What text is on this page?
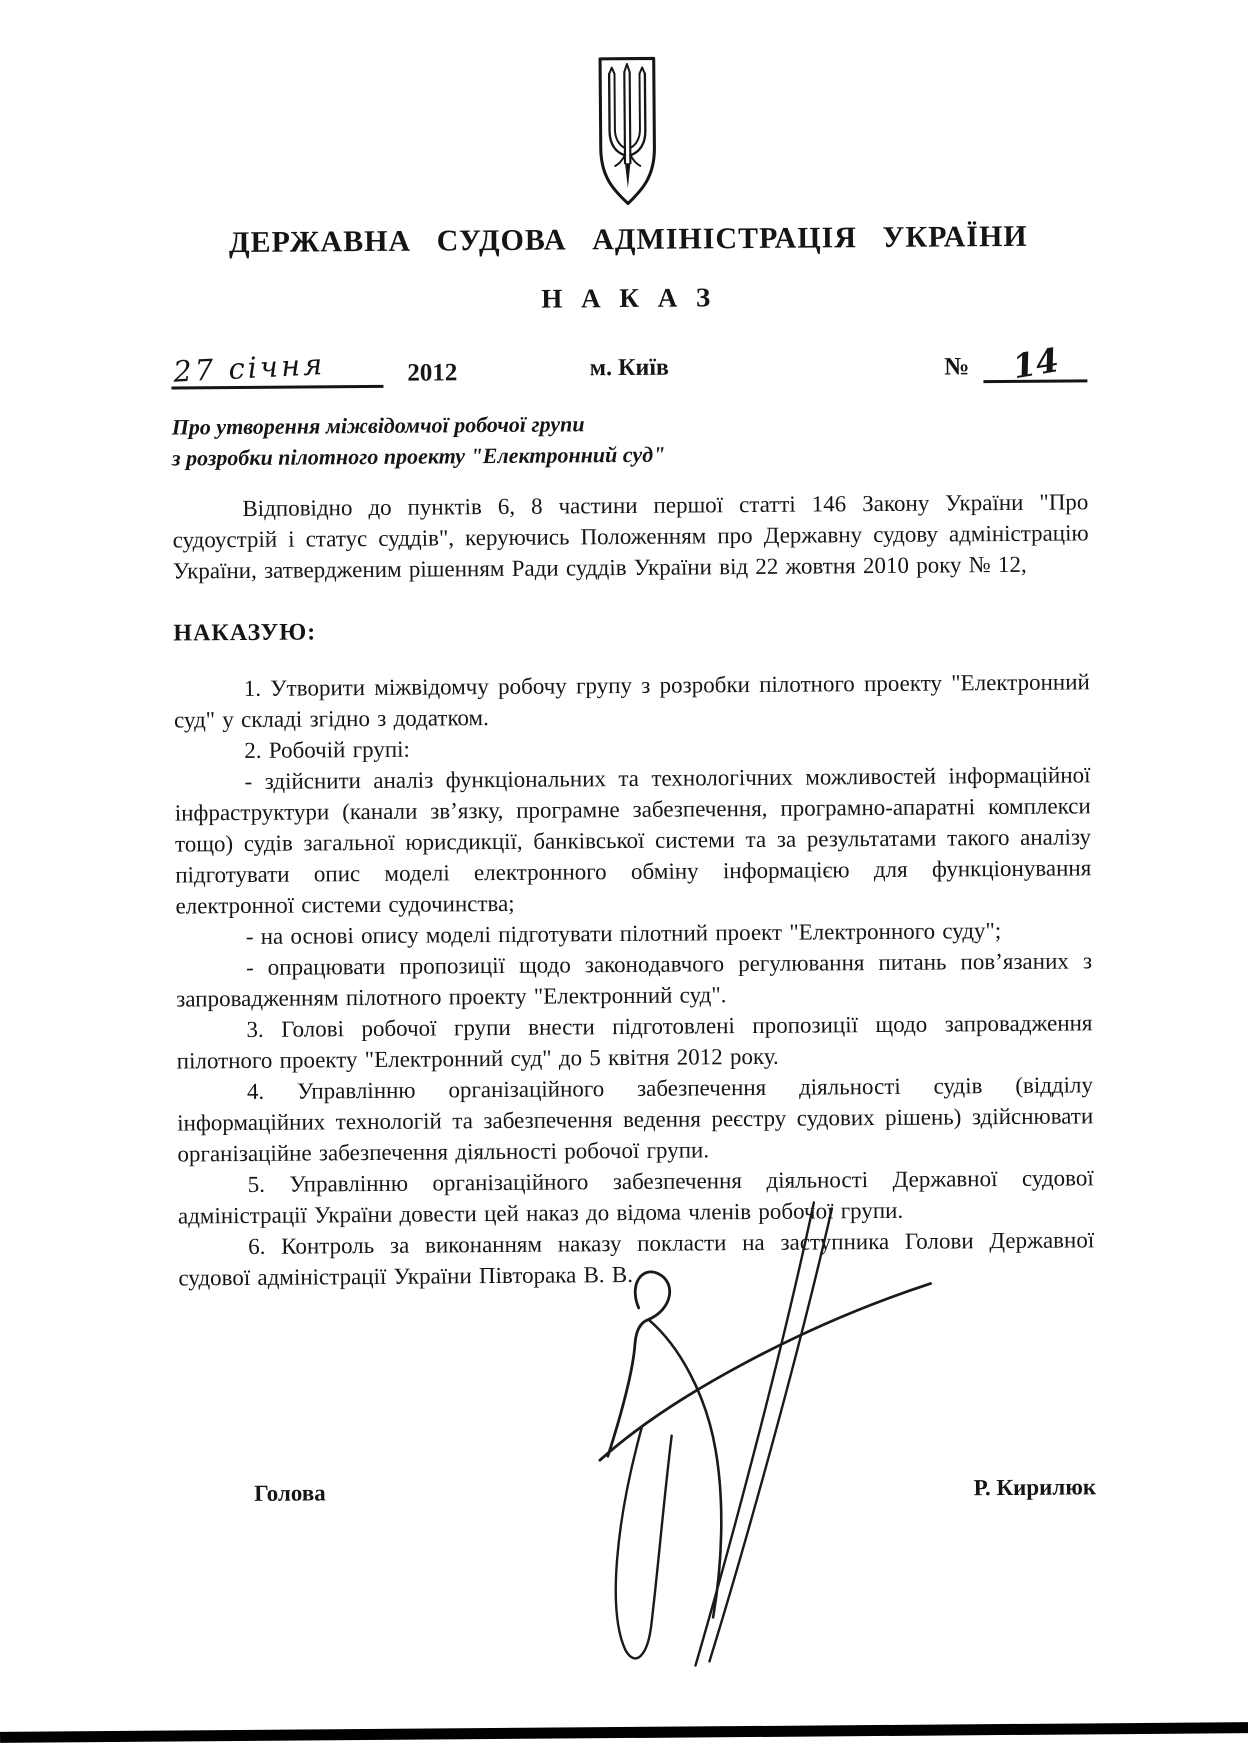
ДЕРЖАВНА СУДОВА АДМІНІСТРАЦІЯ УКРАЇНИ
Н А К А З
27 січня	2012	м. Київ	№	14
Про утворення міжвідомчої робочої групи
з розробки пілотного проекту "Електронний суд"

Відповідно до пунктів 6, 8 частини першої статті 146 Закону України "Про судоустрій і статус суддів", керуючись Положенням про Державну судову адміністрацію України, затвердженим рішенням Ради суддів України від 22 жовтня 2010 року № 12,

НАКАЗУЮ:

1. Утворити міжвідомчу робочу групу з розробки пілотного проекту "Електронний суд" у складі згідно з додатком.

2. Робочій групі:

- здійснити аналіз функціональних та технологічних можливостей інформаційної інфраструктури (канали зв’язку, програмне забезпечення, програмно-апаратні комплекси тощо) судів загальної юрисдикції, банківської системи та за результатами такого аналізу підготувати опис моделі електронного обміну інформацією для функціонування електронної системи судочинства;

- на основі опису моделі підготувати пілотний проект "Електронного суду";

- опрацювати пропозиції щодо законодавчого регулювання питань пов’язаних з запровадженням пілотного проекту "Електронний суд".

3. Голові робочої групи внести підготовлені пропозиції щодо запровадження пілотного проекту "Електронний суд" до 5 квітня 2012 року.

4. Управлінню організаційного забезпечення діяльності судів (відділу інформаційних технологій та забезпечення ведення реєстру судових рішень) здійснювати організаційне забезпечення діяльності робочої групи.

5. Управлінню організаційного забезпечення діяльності Державної судової адміністрації України довести цей наказ до відома членів робочої групи.

6. Контроль за виконанням наказу покласти на заступника Голови Державної судової адміністрації України Півторака В. В.

Голова	Р. Кирилюк
